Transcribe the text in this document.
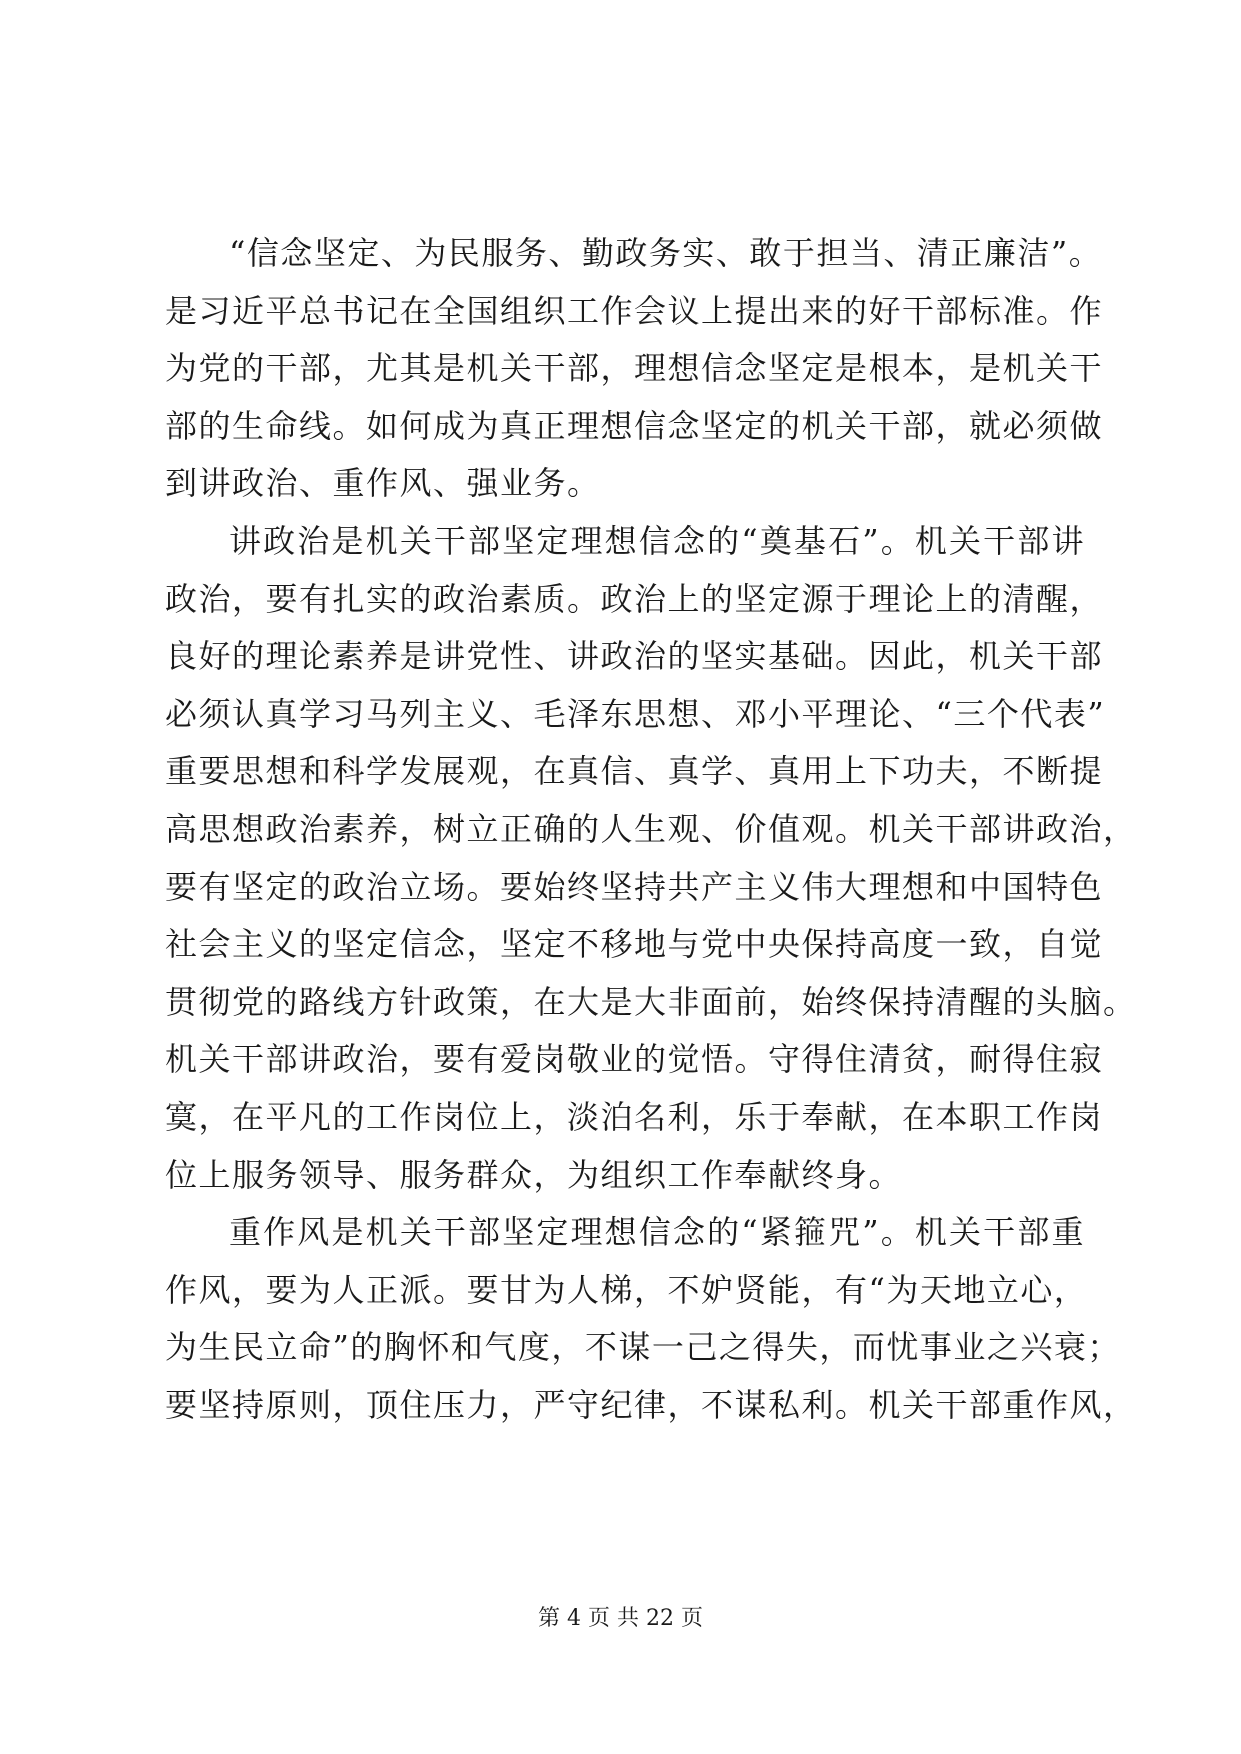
“信念坚定、为民服务、勤政务实、敢于担当、清正廉洁”。
是习近平总书记在全国组织工作会议上提出来的好干部标准。作
为党的干部，尤其是机关干部，理想信念坚定是根本，是机关干
部的生命线。如何成为真正理想信念坚定的机关干部，就必须做
到讲政治、重作风、强业务。
讲政治是机关干部坚定理想信念的“奠基石”。机关干部讲
政治，要有扎实的政治素质。政治上的坚定源于理论上的清醒，
良好的理论素养是讲党性、讲政治的坚实基础。因此，机关干部
必须认真学习马列主义、毛泽东思想、邓小平理论、“三个代表”
重要思想和科学发展观，在真信、真学、真用上下功夫，不断提
高思想政治素养，树立正确的人生观、价值观。机关干部讲政治，
要有坚定的政治立场。要始终坚持共产主义伟大理想和中国特色
社会主义的坚定信念，坚定不移地与党中央保持高度一致，自觉
贯彻党的路线方针政策，在大是大非面前，始终保持清醒的头脑。
机关干部讲政治，要有爱岗敬业的觉悟。守得住清贫，耐得住寂
寞，在平凡的工作岗位上，淡泊名利，乐于奉献，在本职工作岗
位上服务领导、服务群众，为组织工作奉献终身。
重作风是机关干部坚定理想信念的“紧箍咒”。机关干部重
作风，要为人正派。要甘为人梯，不妒贤能，有“为天地立心，
为生民立命”的胸怀和气度，不谋一己之得失，而忧事业之兴衰；
要坚持原则，顶住压力，严守纪律，不谋私利。机关干部重作风，
第 4 页 共 22 页
